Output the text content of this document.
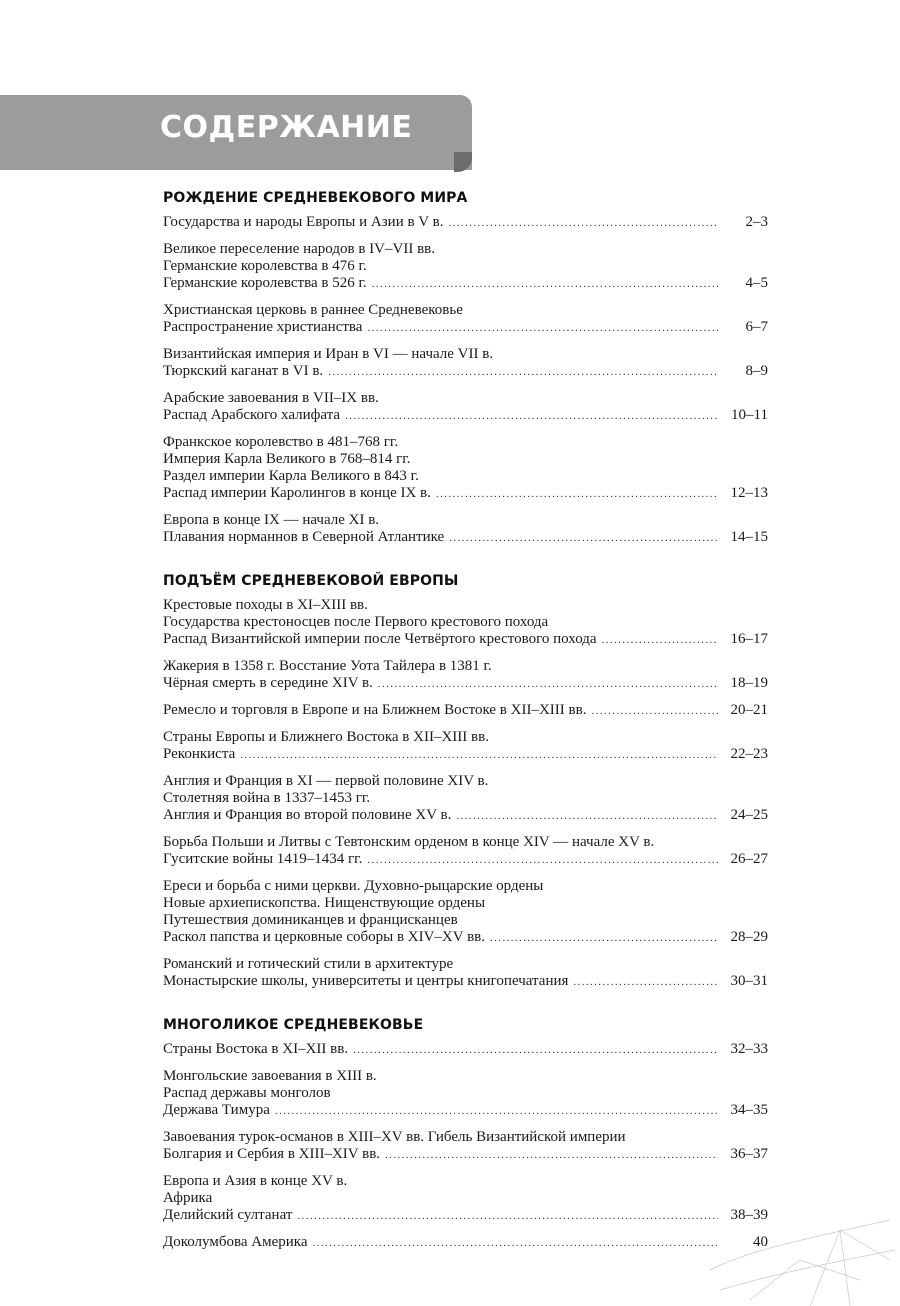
СОДЕРЖАНИЕ
РОЖДЕНИЕ СРЕДНЕВЕКОВОГО МИРА
Государства и народы Европы и Азии в V в. .....	2–3
Великое переселение народов в IV–VII вв.
Германские королевства в 476 г.
Германские королевства в 526 г. .....	4–5
Христианская церковь в раннее Средневековье
Распространение христианства .....	6–7
Византийская империя и Иран в VI — начале VII в.
Тюркский каганат в VI в. .....	8–9
Арабские завоевания в VII–IX вв.
Распад Арабского халифата .....	10–11
Франкское королевство в 481–768 гг.
Империя Карла Великого в 768–814 гг.
Раздел империи Карла Великого в 843 г.
Распад империи Каролингов в конце IX в. .....	12–13
Европа в конце IX — начале XI в.
Плавания норманнов в Северной Атлантике .....	14–15
ПОДЪЁМ СРЕДНЕВЕКОВОЙ ЕВРОПЫ
Крестовые походы в XI–XIII вв.
Государства крестоносцев после Первого крестового похода
Распад Византийской империи после Четвёртого крестового похода .....	16–17
Жакерия в 1358 г. Восстание Уота Тайлера в 1381 г.
Чёрная смерть в середине XIV в. .....	18–19
Ремесло и торговля в Европе и на Ближнем Востоке в XII–XIII вв. .....	20–21
Страны Европы и Ближнего Востока в XII–XIII вв.
Реконкиста .....	22–23
Англия и Франция в XI — первой половине XIV в.
Столетняя война в 1337–1453 гг.
Англия и Франция во второй половине XV в. .....	24–25
Борьба Польши и Литвы с Тевтонским орденом в конце XIV — начале XV в.
Гуситские войны 1419–1434 гг. .....	26–27
Ереси и борьба с ними церкви. Духовно-рыцарские ордены
Новые архиепископства. Нищенствующие ордены
Путешествия доминиканцев и францисканцев
Раскол папства и церковные соборы в XIV–XV вв. .....	28–29
Романский и готический стили в архитектуре
Монастырские школы, университеты и центры книгопечатания .....	30–31
МНОГОЛИКОЕ СРЕДНЕВЕКОВЬЕ
Страны Востока в XI–XII вв. .....	32–33
Монгольские завоевания в XIII в.
Распад державы монголов
Держава Тимура .....	34–35
Завоевания турок-османов в XIII–XV вв. Гибель Византийской империи
Болгария и Сербия в XIII–XIV вв. .....	36–37
Европа и Азия в конце XV в.
Африка
Делийский султанат .....	38–39
Доколумбова Америка .....	40
